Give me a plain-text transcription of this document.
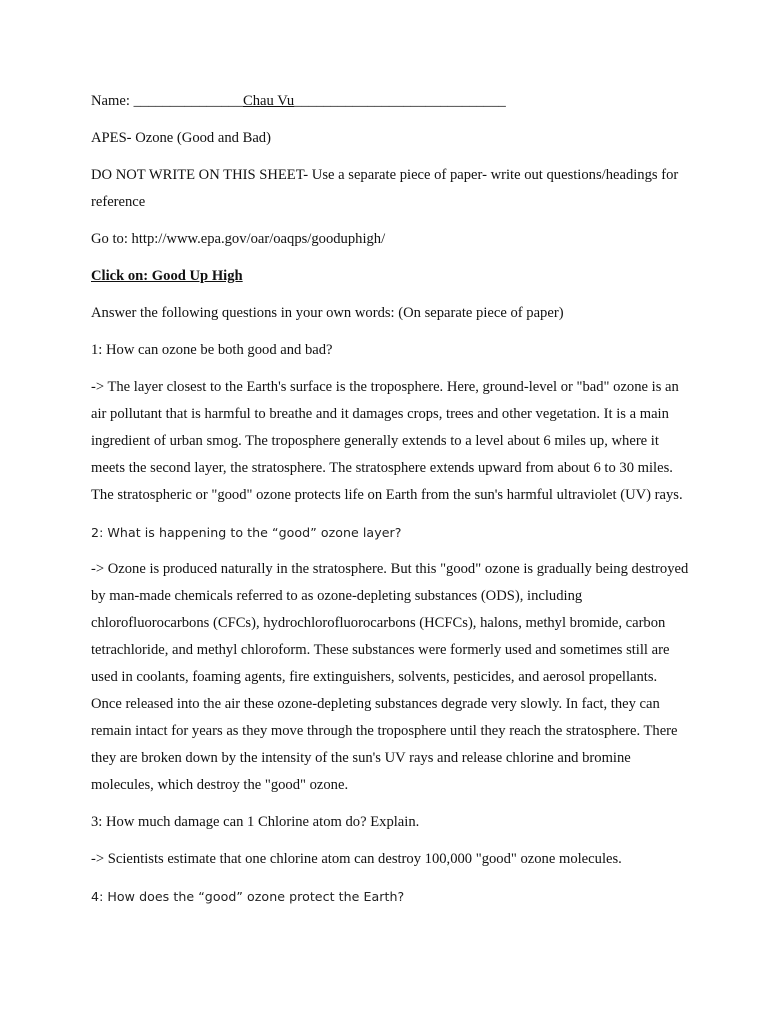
Name: _______________Chau Vu_____________________________

APES- Ozone (Good and Bad)

DO NOT WRITE ON THIS SHEET- Use a separate piece of paper- write out questions/headings for reference

Go to: http://www.epa.gov/oar/oaqps/gooduphigh/

Click on: Good Up High

Answer the following questions in your own words: (On separate piece of paper)

1: How can ozone be both good and bad?

-> The layer closest to the Earth's surface is the troposphere. Here, ground-level or "bad" ozone is an air pollutant that is harmful to breathe and it damages crops, trees and other vegetation. It is a main ingredient of urban smog. The troposphere generally extends to a level about 6 miles up, where it meets the second layer, the stratosphere. The stratosphere extends upward from about 6 to 30 miles. The stratospheric or "good" ozone protects life on Earth from the sun's harmful ultraviolet (UV) rays.

2: What is happening to the “good” ozone layer?

-> Ozone is produced naturally in the stratosphere. But this "good" ozone is gradually being destroyed by man-made chemicals referred to as ozone-depleting substances (ODS), including chlorofluorocarbons (CFCs), hydrochlorofluorocarbons (HCFCs), halons, methyl bromide, carbon tetrachloride, and methyl chloroform. These substances were formerly used and sometimes still are used in coolants, foaming agents, fire extinguishers, solvents, pesticides, and aerosol propellants. Once released into the air these ozone-depleting substances degrade very slowly. In fact, they can remain intact for years as they move through the troposphere until they reach the stratosphere. There they are broken down by the intensity of the sun's UV rays and release chlorine and bromine molecules, which destroy the "good" ozone.

3: How much damage can 1 Chlorine atom do? Explain.

-> Scientists estimate that one chlorine atom can destroy 100,000 "good" ozone molecules.

4: How does the “good” ozone protect the Earth?
